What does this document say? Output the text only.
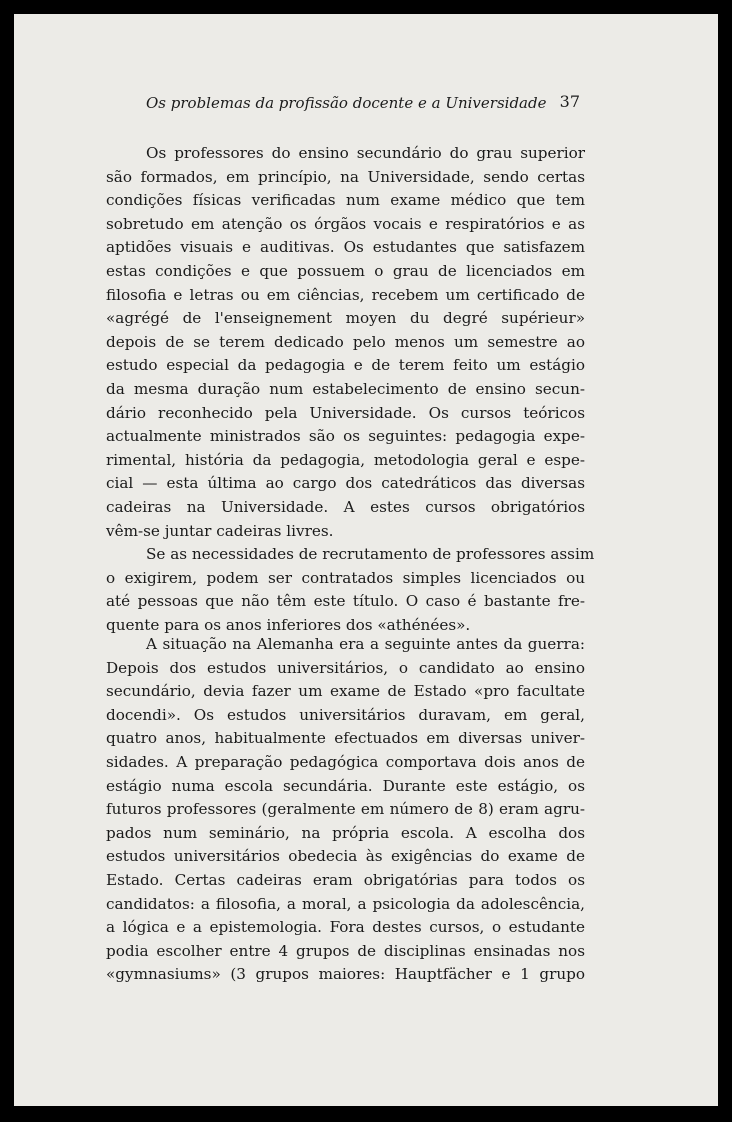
Os problemas da profissão docente e a Universidade 37
Os professores do ensino secundário do grau superior
são formados, em princípio, na Universidade, sendo certas
condições físicas verificadas num exame médico que tem
sobretudo em atenção os órgãos vocais e respiratórios e as
aptidões visuais e auditivas. Os estudantes que satisfazem
estas condições e que possuem o grau de licenciados em
filosofia e letras ou em ciências, recebem um certificado de
«agrégé de l'enseignement moyen du degré supérieur»
depois de se terem dedicado pelo menos um semestre ao
estudo especial da pedagogia e de terem feito um estágio
da mesma duração num estabelecimento de ensino secun-
dário reconhecido pela Universidade. Os cursos teóricos
actualmente ministrados são os seguintes: pedagogia expe-
rimental, história da pedagogia, metodologia geral e espe-
cial — esta última ao cargo dos catedráticos das diversas
cadeiras na Universidade. A estes cursos obrigatórios
vêm-se juntar cadeiras livres.
Se as necessidades de recrutamento de professores assim
o exigirem, podem ser contratados simples licenciados ou
até pessoas que não têm este título. O caso é bastante fre-
quente para os anos inferiores dos «athénées».
A situação na Alemanha era a seguinte antes da guerra:
Depois dos estudos universitários, o candidato ao ensino
secundário, devia fazer um exame de Estado «pro facultate
docendi». Os estudos universitários duravam, em geral,
quatro anos, habitualmente efectuados em diversas univer-
sidades. A preparação pedagógica comportava dois anos de
estágio numa escola secundária. Durante este estágio, os
futuros professores (geralmente em número de 8) eram agru-
pados num seminário, na própria escola. A escolha dos
estudos universitários obedecia às exigências do exame de
Estado. Certas cadeiras eram obrigatórias para todos os
candidatos: a filosofia, a moral, a psicologia da adolescência,
a lógica e a epistemologia. Fora destes cursos, o estudante
podia escolher entre 4 grupos de disciplinas ensinadas nos
«gymnasiums» (3 grupos maiores: Hauptfächer e 1 grupo
